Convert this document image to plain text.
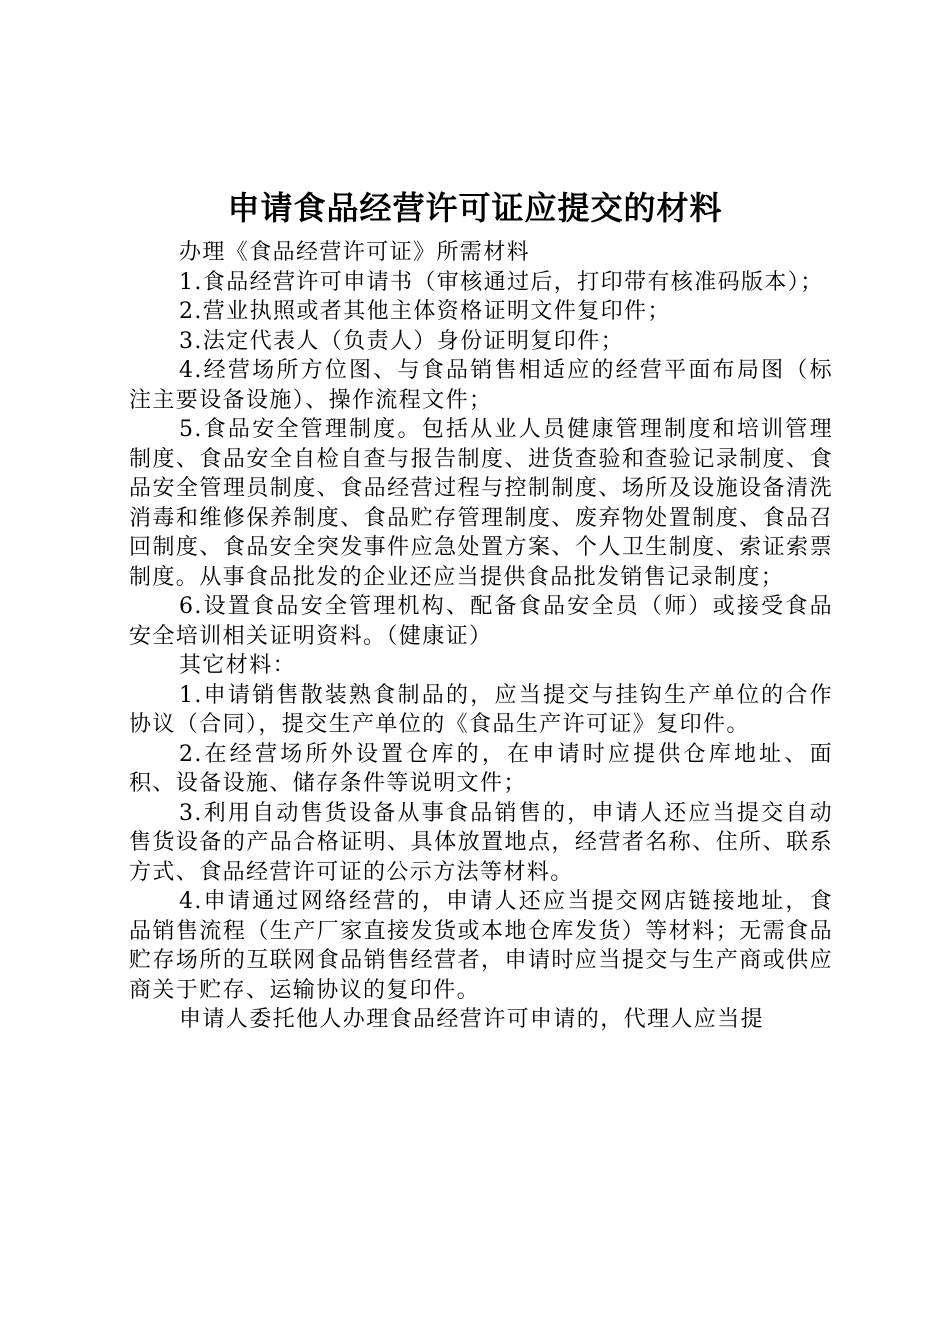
申请食品经营许可证应提交的材料

办理《食品经营许可证》所需材料

1.食品经营许可申请书（审核通过后，打印带有核准码版本）；

2.营业执照或者其他主体资格证明文件复印件；

3.法定代表人（负责人）身份证明复印件；

4.经营场所方位图、与食品销售相适应的经营平面布局图（标注主要设备设施）、操作流程文件；

5.食品安全管理制度。包括从业人员健康管理制度和培训管理制度、食品安全自检自查与报告制度、进货查验和查验记录制度、食品安全管理员制度、食品经营过程与控制制度、场所及设施设备清洗消毒和维修保养制度、食品贮存管理制度、废弃物处置制度、食品召回制度、食品安全突发事件应急处置方案、个人卫生制度、索证索票制度。从事食品批发的企业还应当提供食品批发销售记录制度；

6.设置食品安全管理机构、配备食品安全员（师）或接受食品安全培训相关证明资料。（健康证）

其它材料：

1.申请销售散装熟食制品的，应当提交与挂钩生产单位的合作协议（合同），提交生产单位的《食品生产许可证》复印件。

2.在经营场所外设置仓库的，在申请时应提供仓库地址、面积、设备设施、储存条件等说明文件；

3.利用自动售货设备从事食品销售的，申请人还应当提交自动售货设备的产品合格证明、具体放置地点，经营者名称、住所、联系方式、食品经营许可证的公示方法等材料。

4.申请通过网络经营的，申请人还应当提交网店链接地址，食品销售流程（生产厂家直接发货或本地仓库发货）等材料；无需食品贮存场所的互联网食品销售经营者，申请时应当提交与生产商或供应商关于贮存、运输协议的复印件。

申请人委托他人办理食品经营许可申请的，代理人应当提
